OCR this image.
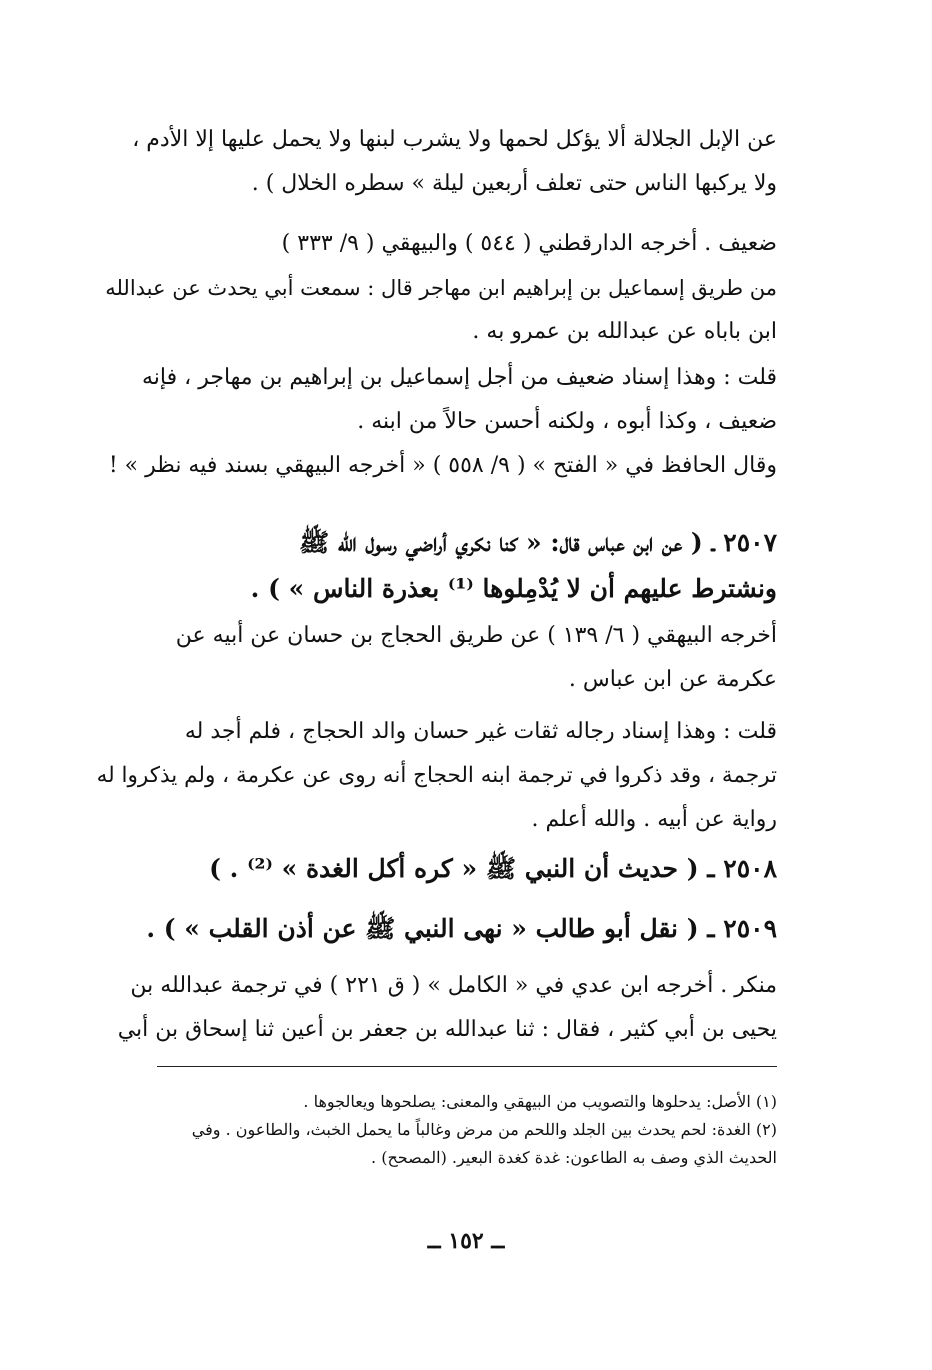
عن الإبل الجلالة ألا يؤكل لحمها ولا يشرب لبنها ولا يحمل عليها إلا الأدم ،
ولا يركبها الناس حتى تعلف أربعين ليلة » سطره الخلال ) .
ضعيف . أخرجه الدارقطني ( ٥٤٤ ) والبيهقي ( ٩/ ٣٣٣ )
من طريق إسماعيل بن إبراهيم ابن مهاجر قال : سمعت أبي يحدث عن عبدالله
ابن باباه عن عبدالله بن عمرو به .
قلت : وهذا إسناد ضعيف من أجل إسماعيل بن إبراهيم بن مهاجر ، فإنه
ضعيف ، وكذا أبوه ، ولكنه أحسن حالاً من ابنه .
وقال الحافظ في « الفتح » ( ٩/ ٥٥٨ ) « أخرجه البيهقي بسند فيه نظر » !
٢٥٠٧ ـ ( عن ابن عباس قال: « كنا نكري أراضي رسول الله ﷺ
ونشترط عليهم أن لا يُدْمِلوها ⁽¹⁾ بعذرة الناس » ) .
أخرجه البيهقي ( ٦/ ١٣٩ ) عن طريق الحجاج بن حسان عن أبيه عن
عكرمة عن ابن عباس .
قلت : وهذا إسناد رجاله ثقات غير حسان والد الحجاج ، فلم أجد له
ترجمة ، وقد ذكروا في ترجمة ابنه الحجاج أنه روى عن عكرمة ، ولم يذكروا له
رواية عن أبيه . والله أعلم .
٢٥٠٨ ـ ( حديث أن النبي ﷺ « كره أكل الغدة » ⁽²⁾ . )
٢٥٠٩ ـ ( نقل أبو طالب « نهى النبي ﷺ عن أذن القلب » ) .
منكر . أخرجه ابن عدي في « الكامل » ( ق ٢٢١ ) في ترجمة عبدالله بن
يحيى بن أبي كثير ، فقال : ثنا عبدالله بن جعفر بن أعين ثنا إسحاق بن أبي
(١) الأصل: يدحلوها والتصويب من البيهقي والمعنى: يصلحوها ويعالجوها .
(٢) الغدة: لحم يحدث بين الجلد واللحم من مرض وغالباً ما يحمل الخبث، والطاعون . وفي
الحديث الذي وصف به الطاعون: غدة كغدة البعير. (المصحح) .
ــ ١٥٢ ــ
